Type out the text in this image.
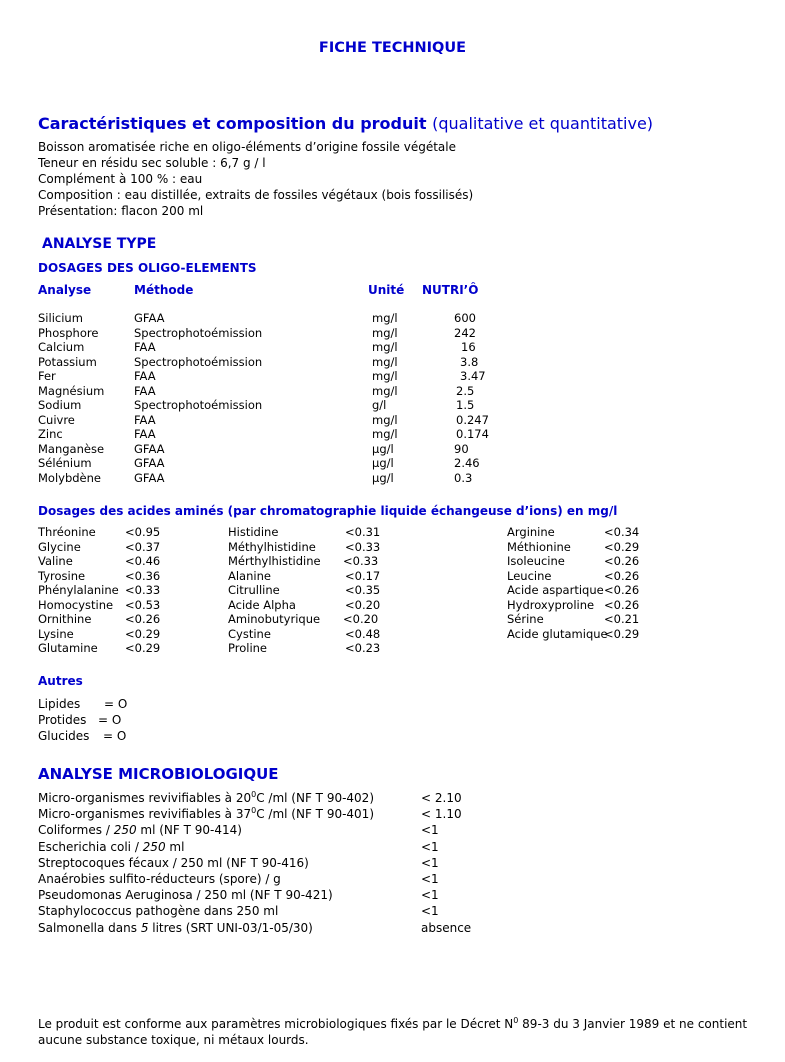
FICHE TECHNIQUE
Caractéristiques et composition du produit (qualitative et quantitative)
Boisson aromatisée riche en oligo-éléments d’origine fossile végétale
Teneur en résidu sec soluble : 6,7 g / l
Complément à 100 % : eau
Composition : eau distillée, extraits de fossiles végétaux (bois fossilisés)
Présentation: flacon 200 ml
ANALYSE TYPE
DOSAGES DES OLIGO-ELEMENTS
Analyse	Méthode	Unité NUTRI’Ô
Silicium
Phosphore
Calcium
Potassium
Fer
Magnésium
Sodium
Cuivre
Zinc
Manganèse
Sélénium
Molybdène
GFAA
Spectrophotoémission
FAA
Spectrophotoémission
FAA
FAA
Spectrophotoémission
FAA
FAA
GFAA
GFAA
GFAA
mg/l
mg/l
mg/l
mg/l
mg/l
mg/l
g/l
mg/l
mg/l
µg/l
µg/l
µg/l
600
242
16
3.8
3.47
2.5
1.5
0.247
0.174
90
2.46
0.3
Dosages des acides aminés (par chromatographie liquide échangeuse d’ions) en mg/l
Thréonine
Glycine
Valine
Tyrosine
Phénylalanine
Homocystine
Ornithine
Lysine
Glutamine
<0.95
<0.37
<0.46
<0.36
<0.33
<0.53
<0.26
<0.29
<0.29
Histidine
Méthylhistidine
Mérthylhistidine
Alanine
Citrulline
Acide Alpha
Aminobutyrique
Cystine
Proline
<0.31
<0.33
<0.33
<0.17
<0.35
<0.20
<0.20
<0.48
<0.23
Arginine
Méthionine
Isoleucine
Leucine
Acide aspartique
Hydroxyproline
Sérine
Acide glutamique
<0.34
<0.29
<0.26
<0.26
<0.26
<0.26
<0.21
<0.29
Autres
Lipides
Protides
Glucides
= O
= O
= O
ANALYSE MICROBIOLOGIQUE
Micro-organismes revivifiables à $20^0C$ /ml (NF T 90-402)
Micro-organismes revivifiables à $37^0C$ /ml (NF T 90-401)
Coliformes / 250 ml (NF T 90-414)
Escherichia coli / 250 ml
Streptocoques fécaux / 250 ml (NF T 90-416)
Anaérobies sulfito-réducteurs (spore) / g
Pseudomonas Aeruginosa / 250 ml (NF T 90-421)
Staphylococcus pathogène dans 250 ml
Salmonella dans 5 litres (SRT UNI-03/1-05/30)
< 2.10
< 1.10
<1
<1
<1
<1
<1
<1
absence
Le produit est conforme aux paramètres microbiologiques fixés par le Décret $N^0$ 89-3 du 3 Janvier 1989 et ne contient
aucune substance toxique, ni métaux lourds.
